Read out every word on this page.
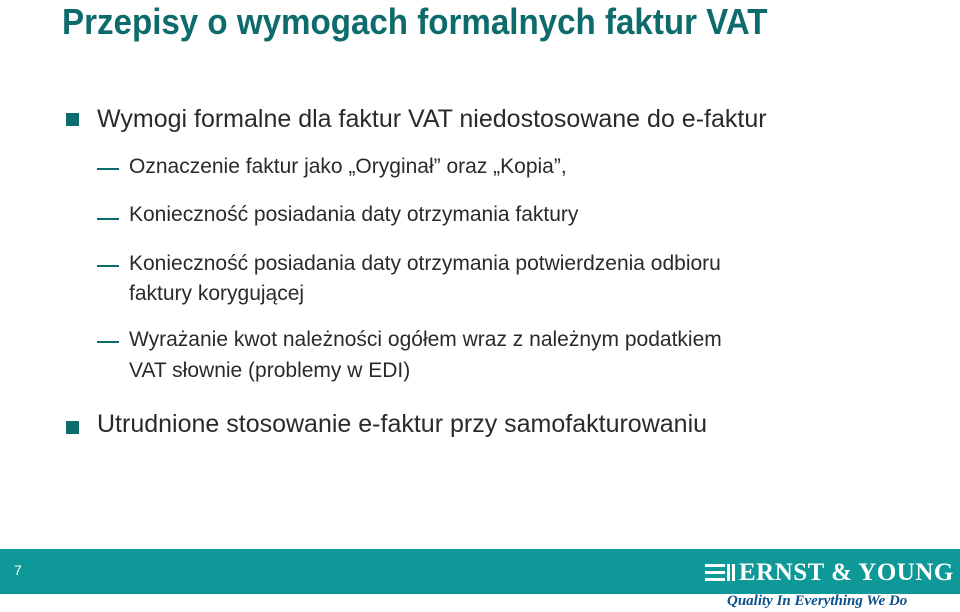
Przepisy o wymogach formalnych faktur VAT
Wymogi formalne dla faktur VAT niedostosowane do e-faktur
Oznaczenie faktur jako „Oryginał” oraz „Kopia”,
Konieczność posiadania daty otrzymania faktury
Konieczność posiadania daty otrzymania potwierdzenia odbioru
faktury korygującej
Wyrażanie kwot należności ogółem wraz z należnym podatkiem
VAT słownie (problemy w EDI)
Utrudnione stosowanie e-faktur przy samofakturowaniu
7	ERNST & YOUNG
Quality In Everything We Do
